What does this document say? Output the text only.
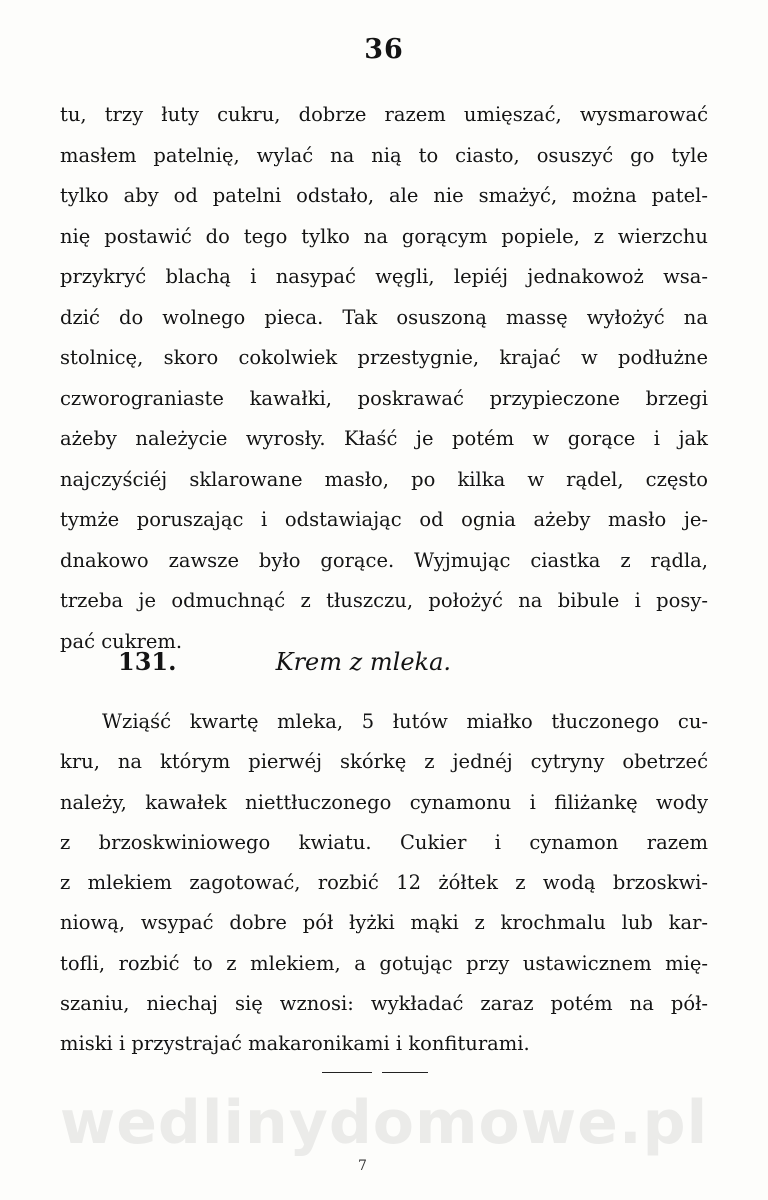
36
tu, trzy łuty cukru, dobrze razem umięszać, wysmarować
masłem patelnię, wylać na nią to ciasto, osuszyć go tyle
tylko aby od patelni odstało, ale nie smażyć, można patel-
nię postawić do tego tylko na gorącym popiele, z wierzchu
przykryć blachą i nasypać węgli, lepiéj jednakowoż wsa-
dzić do wolnego pieca. Tak osuszoną massę wyłożyć na
stolnicę, skoro cokolwiek przestygnie, krajać w podłużne
czworograniaste kawałki, poskrawać przypieczone brzegi
ażeby należycie wyrosły. Kłaść je potém w gorące i jak
najczyściéj sklarowane masło, po kilka w rądel, często
tymże poruszając i odstawiając od ognia ażeby masło je-
dnakowo zawsze było gorące. Wyjmując ciastka z rądla,
trzeba je odmuchnąć z tłuszczu, położyć na bibule i posy-
pać cukrem.
131.	Krem z mleka.
Wziąść kwartę mleka, 5 łutów miałko tłuczonego cu-
kru, na którym pierwéj skórkę z jednéj cytryny obetrzeć
należy, kawałek niettłuczonego cynamonu i filiżankę wody
z brzoskwiniowego kwiatu. Cukier i cynamon razem
z mlekiem zagotować, rozbić 12 żółtek z wodą brzoskwi-
niową, wsypać dobre pół łyżki mąki z krochmalu lub kar-
tofli, rozbić to z mlekiem, a gotując przy ustawicznem mię-
szaniu, niechaj się wznosi: wykładać zaraz potém na pół-
miski i przystrajać makaronikami i konfiturami.
wedlinydomowe.pl
7
